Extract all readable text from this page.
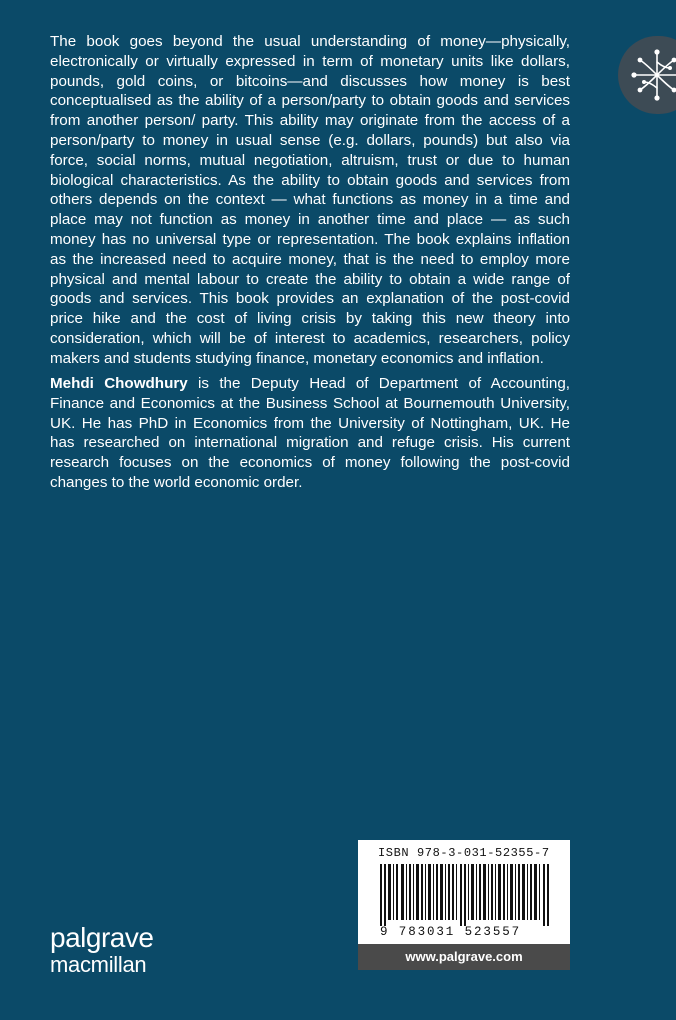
The book goes beyond the usual understanding of money—physically, electronically or virtually expressed in term of monetary units like dollars, pounds, gold coins, or bitcoins—and discusses how money is best conceptualised as the ability of a person/party to obtain goods and services from another person/ party. This ability may originate from the access of a person/party to money in usual sense (e.g. dollars, pounds) but also via force, social norms, mutual negotiation, altruism, trust or due to human biological characteristics. As the ability to obtain goods and services from others depends on the context — what functions as money in a time and place may not function as money in another time and place — as such money has no universal type or representation. The book explains inflation as the increased need to acquire money, that is the need to employ more physical and mental labour to create the ability to obtain a wide range of goods and services. This book provides an explanation of the post-covid price hike and the cost of living crisis by taking this new theory into consideration, which will be of interest to academics, researchers, policy makers and students studying finance, monetary economics and inflation.

Mehdi Chowdhury is the Deputy Head of Department of Accounting, Finance and Economics at the Business School at Bournemouth University, UK. He has PhD in Economics from the University of Nottingham, UK. He has researched on international migration and refuge crisis. His current research focuses on the economics of money following the post-covid changes to the world economic order.

ISBN 978-3-031-52355-7
9 783031 523557
www.palgrave.com
palgrave
macmillan
